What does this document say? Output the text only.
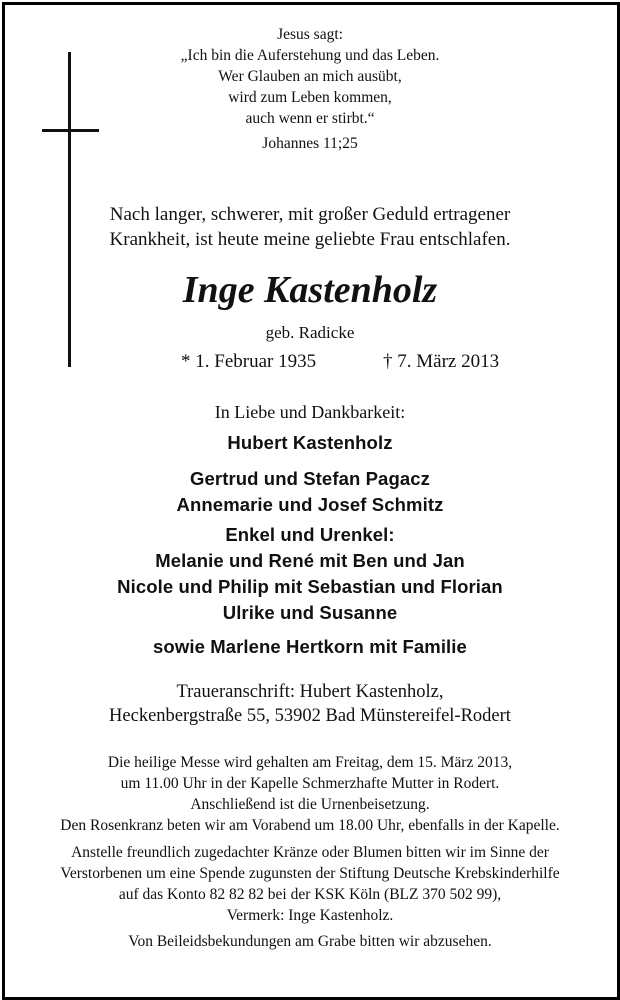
Jesus sagt:
„Ich bin die Auferstehung und das Leben.
Wer Glauben an mich ausübt,
wird zum Leben kommen,
auch wenn er stirbt.“
Johannes 11;25
Nach langer, schwerer, mit großer Geduld ertragener
Krankheit, ist heute meine geliebte Frau entschlafen.
Inge Kastenholz
geb. Radicke
* 1. Februar 1935	† 7. März 2013
In Liebe und Dankbarkeit:
Hubert Kastenholz
Gertrud und Stefan Pagacz
Annemarie und Josef Schmitz
Enkel und Urenkel:
Melanie und René mit Ben und Jan
Nicole und Philip mit Sebastian und Florian
Ulrike und Susanne
sowie Marlene Hertkorn mit Familie
Traueranschrift: Hubert Kastenholz,
Heckenbergstraße 55, 53902 Bad Münstereifel-Rodert
Die heilige Messe wird gehalten am Freitag, dem 15. März 2013,
um 11.00 Uhr in der Kapelle Schmerzhafte Mutter in Rodert.
Anschließend ist die Urnenbeisetzung.
Den Rosenkranz beten wir am Vorabend um 18.00 Uhr, ebenfalls in der Kapelle.
Anstelle freundlich zugedachter Kränze oder Blumen bitten wir im Sinne der
Verstorbenen um eine Spende zugunsten der Stiftung Deutsche Krebskinderhilfe
auf das Konto 82 82 82 bei der KSK Köln (BLZ 370 502 99),
Vermerk: Inge Kastenholz.
Von Beileidsbekundungen am Grabe bitten wir abzusehen.
